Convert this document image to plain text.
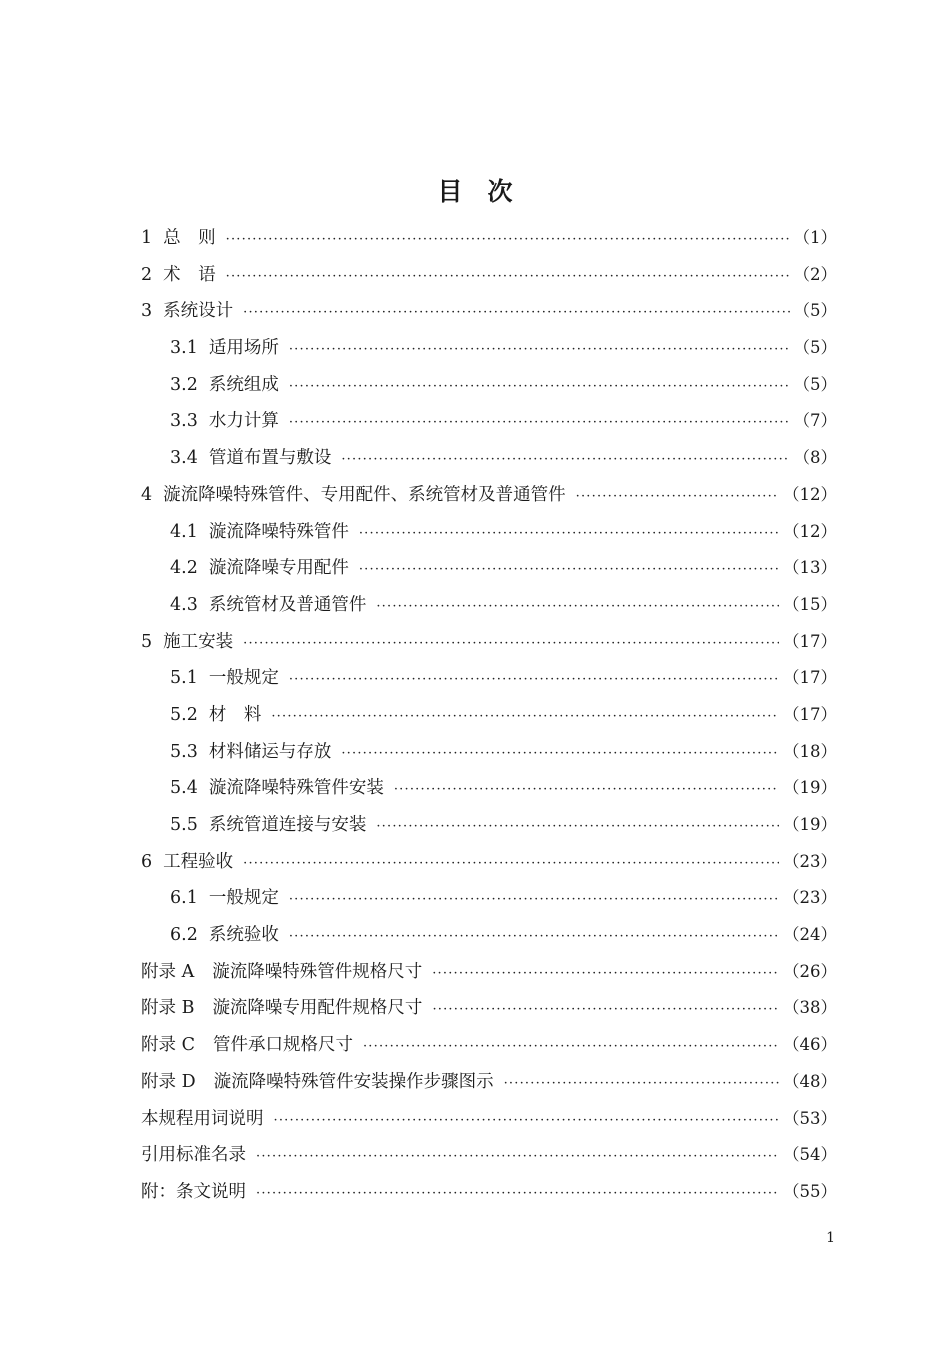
目　次
1 总　则 ·····	（1）
2 术　语 ·····	（2）
3 系统设计 ·····	（5）
3.1 适用场所 ·····	（5）
3.2 系统组成 ·····	（5）
3.3 水力计算 ·····	（7）
3.4 管道布置与敷设 ·····	（8）
4 漩流降噪特殊管件、专用配件、系统管材及普通管件 ·····	（12）
4.1 漩流降噪特殊管件 ·····	（12）
4.2 漩流降噪专用配件 ·····	（13）
4.3 系统管材及普通管件 ·····	（15）
5 施工安装 ·····	（17）
5.1 一般规定 ·····	（17）
5.2 材　料 ·····	（17）
5.3 材料储运与存放 ·····	（18）
5.4 漩流降噪特殊管件安装 ·····	（19）
5.5 系统管道连接与安装 ·····	（19）
6 工程验收 ·····	（23）
6.1 一般规定 ·····	（23）
6.2 系统验收 ·····	（24）
附录 A 漩流降噪特殊管件规格尺寸 ·····	（26）
附录 B 漩流降噪专用配件规格尺寸 ·····	（38）
附录 C 管件承口规格尺寸 ·····	（46）
附录 D 漩流降噪特殊管件安装操作步骤图示 ·····	（48）
本规程用词说明 ·····	（53）
引用标准名录 ·····	（54）
附：条文说明 ·····	（55）
1
